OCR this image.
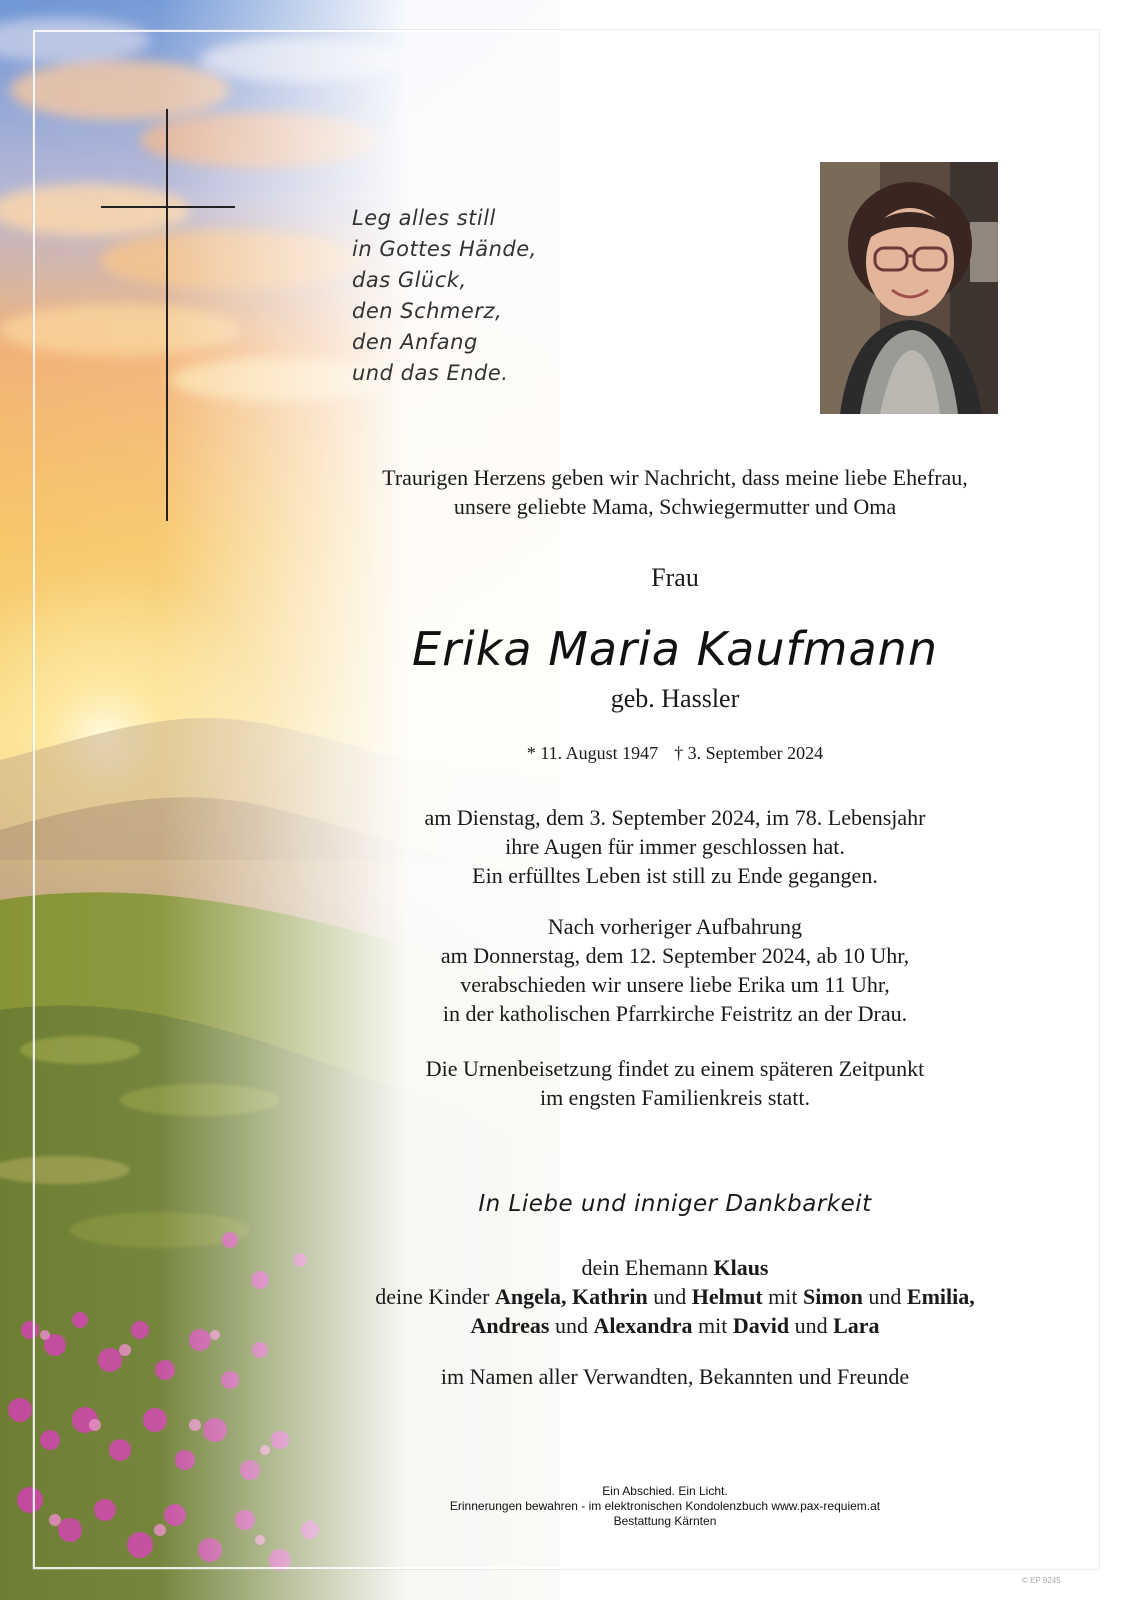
Leg alles still
in Gottes Hände,
das Glück,
den Schmerz,
den Anfang
und das Ende.
Traurigen Herzens geben wir Nachricht, dass meine liebe Ehefrau,
unsere geliebte Mama, Schwiegermutter und Oma
Frau
Erika Maria Kaufmann
geb. Hassler
* 11. August 1947 † 3. September 2024
am Dienstag, dem 3. September 2024, im 78. Lebensjahr
ihre Augen für immer geschlossen hat.
Ein erfülltes Leben ist still zu Ende gegangen.
Nach vorheriger Aufbahrung
am Donnerstag, dem 12. September 2024, ab 10 Uhr,
verabschieden wir unsere liebe Erika um 11 Uhr,
in der katholischen Pfarrkirche Feistritz an der Drau.
Die Urnenbeisetzung findet zu einem späteren Zeitpunkt
im engsten Familienkreis statt.
In Liebe und inniger Dankbarkeit
dein Ehemann Klaus
deine Kinder Angela, Kathrin und Helmut mit Simon und Emilia,
Andreas und Alexandra mit David und Lara
im Namen aller Verwandten, Bekannten und Freunde
Ein Abschied. Ein Licht.
Erinnerungen bewahren - im elektronischen Kondolenzbuch www.pax-requiem.at
Bestattung Kärnten
© EP 9245
